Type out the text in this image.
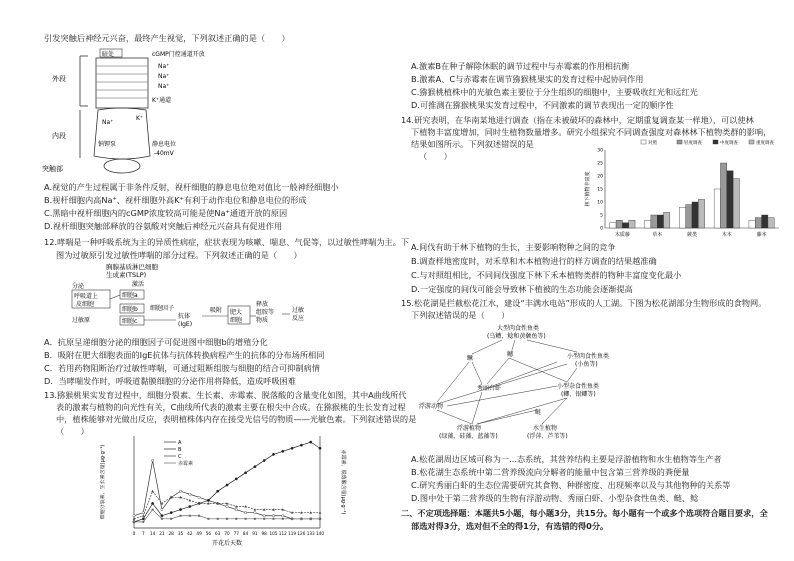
引发突触后神经元兴奋，最终产生视觉，下列叙述正确的是（　　）
外段
内段
突触部
暗处	cGMP门控通道开放
Na⁺
Na⁺
Na⁺
Na⁺
K⁺通道
K⁺
钠钾泵	静息电位
-40mV
A.视觉的产生过程属于非条件反射，视杆细胞的静息电位绝对值比一般神经细胞小
B.视杆细胞内高Na⁺、视杆细胞外高K⁺有利于动作电位和静息电位的形成
C.黑暗中视杆细胞内的cGMP浓度较高可能是使Na⁺通道开放的原因
D.视杆细胞突触部释放的谷氨酸对突触后神经元兴奋具有促进作用
12.哮喘是一种呼吸系统为主的异质性病症，症状表现为咳嗽、喘息、气促等，以过敏性哮喘为主。下
图为过敏原引发过敏性哮喘的部分过程。下列叙述正确的是（　　）
胸腺基质淋巴细胞
生成素(TSLP)
分泌	激活
呼吸道上
皮细胞
细胞a
细胞b 细胞因子
过敏原	细胞c
抗体
(IgE)
吸附 肥大
细胞
释放
组胺等
物质
过敏
反应
A．抗原呈递细胞分泌的细胞因子可促进图中细胞b的增殖分化
B．吸附在肥大细胞表面的IgE抗体与抗体转换病程产生的抗体的分布场所相同
C．若用药物阻断治疗过敏性哮喘，可通过阻断组胺与细胞的结合可抑制病情
D．当哮喘发作时，呼吸道黏膜细胞的分泌作用将降低，造成呼吸困难
13.猕猴桃果实发育过程中，细胞分裂素、生长素、赤霉素、脱落酸的含量变化如图，其中A曲线所代
表的激素与植物的向光性有关，C曲线所代表的激素主要在根尖中合成。在猕猴桃的生长发育过程
中，植株能够对光做出反应，表明植株体内存在接受光信号的物质——光敏色素。下列叙述错误的是
（　　）
0 7 14 21 28 35 42 49 56 63 70 77 84 91 98 105 112 119 126 133 140
开花后天数
细胞分裂素、生长素含量(μg·g⁻¹)	赤霉素、脱落酸含量(μg·g⁻¹)
A
B
C
赤霉素
A.激素B在种子解除休眠的调节过程中与赤霉素的作用相抗衡
B.激素A、C与赤霉素在调节猕猴桃果实的发育过程中起协同作用
C.猕猴桃植株中的光敏色素主要位于分生组织的细胞中，主要吸收红光和远红光
D.可推测在猕猴桃果实发育过程中，不同激素的调节表现出一定的顺序性
14.研究表明，在华南某地进行调查（指在未被破坏的森林中，定期重复调查某一样地），可以使林
下植物丰富度增加，同时生植物数量增多。研究小组探究不同调查强度对森林林下植物类群的影响，
结果如图所示。下列叙述错误的是
（　　）
0
5
10
15
20
25
30
林下植物丰富度
木质藤	草本	蕨类	木本	藤本
对照	轻度调查	中度调查	重度调查
A.间伐有助于林下植物的生长，主要影响物种之间的竞争
B.调查样地密度时，对禾草和木本植物进行的样方调查的结果越准确
C.与对照组相比，不同间伐强度下林下禾本植物类群的物种丰富度变化最小
D.一定强度的间伐可能会导致林下植被的生态功能会逐渐提高
15.松花湖是拦截松花江水，建设“丰满水电站”形成的人工湖。下图为松花湖部分生物形成的食物网。
下列叙述错误的是（　　）
大型肉食性鱼类
(乌鳢、鲶和黄颡鱼等)
鳜
鳡	小型肉食性鱼类
(小鱼等)
秀丽白虾	小型杂食性鱼类
(鲫、银鲫等)
浮游动物
浮游植物
(绿藻、硅藻、蓝藻等)
水生植物
(浮萍、芦苇等)
鲢
A.松花湖周边区域可称为一...态系统，其营养结构主要是浮游植物和水生植物等生产者
B.松花湖生态系统中第二营养级流向分解者的能量中包含第三营养级的粪便量
C.研究秀丽白虾的生态位需要研究其食物、种群密度、出现频率以及与其他物种的关系等
D.图中处于第二营养级的生物有浮游动物、秀丽白虾、小型杂食性鱼类、鲢、鲶
二、不定项选择题：本题共5小题，每小题3分，共15分。每小题有一个或多个选项符合题目要求，全
部选对得3分，选对但不全的得1分，有选错的得0分。
